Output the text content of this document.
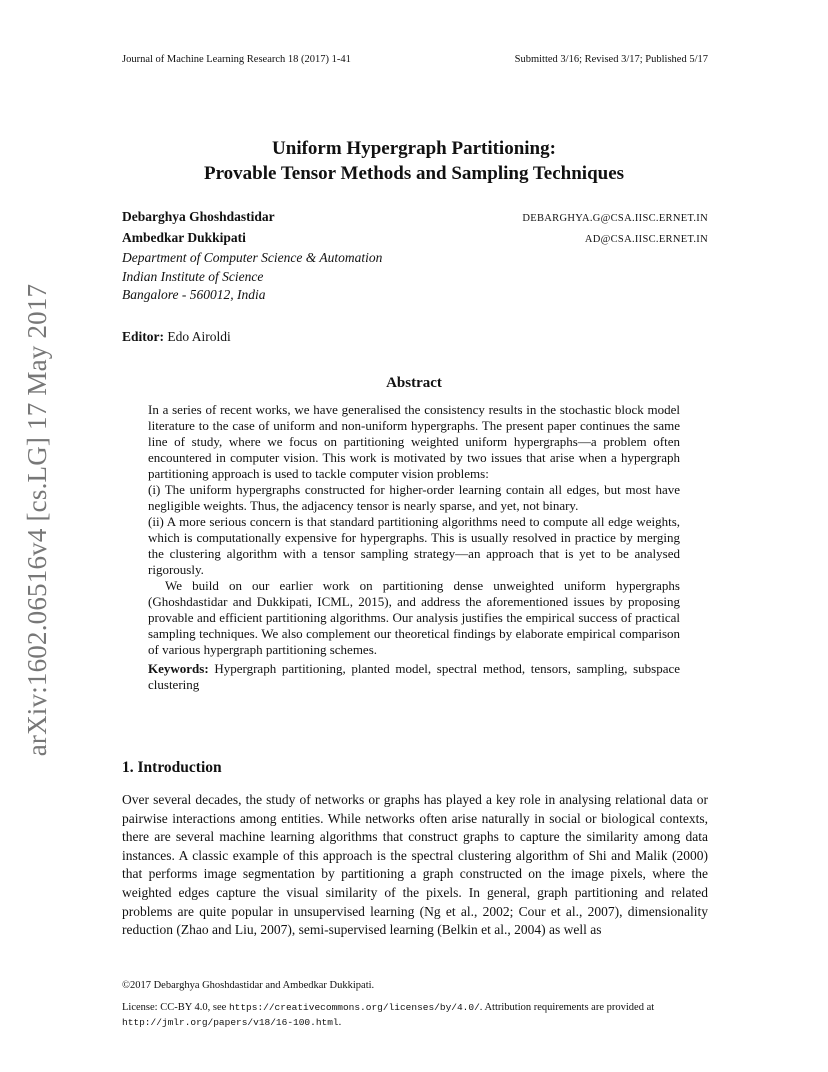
Journal of Machine Learning Research 18 (2017) 1-41	Submitted 3/16; Revised 3/17; Published 5/17
arXiv:1602.06516v4 [cs.LG] 17 May 2017
Uniform Hypergraph Partitioning:
Provable Tensor Methods and Sampling Techniques
Debarghya Ghoshdastidar	DEBARGHYA.G@CSA.IISC.ERNET.IN
Ambedkar Dukkipati	AD@CSA.IISC.ERNET.IN
Department of Computer Science & Automation
Indian Institute of Science
Bangalore - 560012, India
Editor: Edo Airoldi
Abstract

In a series of recent works, we have generalised the consistency results in the stochastic block model literature to the case of uniform and non-uniform hypergraphs. The present paper continues the same line of study, where we focus on partitioning weighted uniform hypergraphs—a problem often encountered in computer vision. This work is motivated by two issues that arise when a hypergraph partitioning approach is used to tackle computer vision problems:

(i) The uniform hypergraphs constructed for higher-order learning contain all edges, but most have negligible weights. Thus, the adjacency tensor is nearly sparse, and yet, not binary.

(ii) A more serious concern is that standard partitioning algorithms need to compute all edge weights, which is computationally expensive for hypergraphs. This is usually resolved in practice by merging the clustering algorithm with a tensor sampling strategy—an approach that is yet to be analysed rigorously.

We build on our earlier work on partitioning dense unweighted uniform hypergraphs (Ghoshdastidar and Dukkipati, ICML, 2015), and address the aforementioned issues by proposing provable and efficient partitioning algorithms. Our analysis justifies the empirical success of practical sampling techniques. We also complement our theoretical findings by elaborate empirical comparison of various hypergraph partitioning schemes.

Keywords: Hypergraph partitioning, planted model, spectral method, tensors, sampling, subspace clustering

1. Introduction

Over several decades, the study of networks or graphs has played a key role in analysing relational data or pairwise interactions among entities. While networks often arise naturally in social or biological contexts, there are several machine learning algorithms that construct graphs to capture the similarity among data instances. A classic example of this approach is the spectral clustering algorithm of Shi and Malik (2000) that performs image segmentation by partitioning a graph constructed on the image pixels, where the weighted edges capture the visual similarity of the pixels. In general, graph partitioning and related problems are quite popular in unsupervised learning (Ng et al., 2002; Cour et al., 2007), dimensionality reduction (Zhao and Liu, 2007), semi-supervised learning (Belkin et al., 2004) as well as

©2017 Debarghya Ghoshdastidar and Ambedkar Dukkipati.

License: CC-BY 4.0, see https://creativecommons.org/licenses/by/4.0/. Attribution requirements are provided at http://jmlr.org/papers/v18/16-100.html.
